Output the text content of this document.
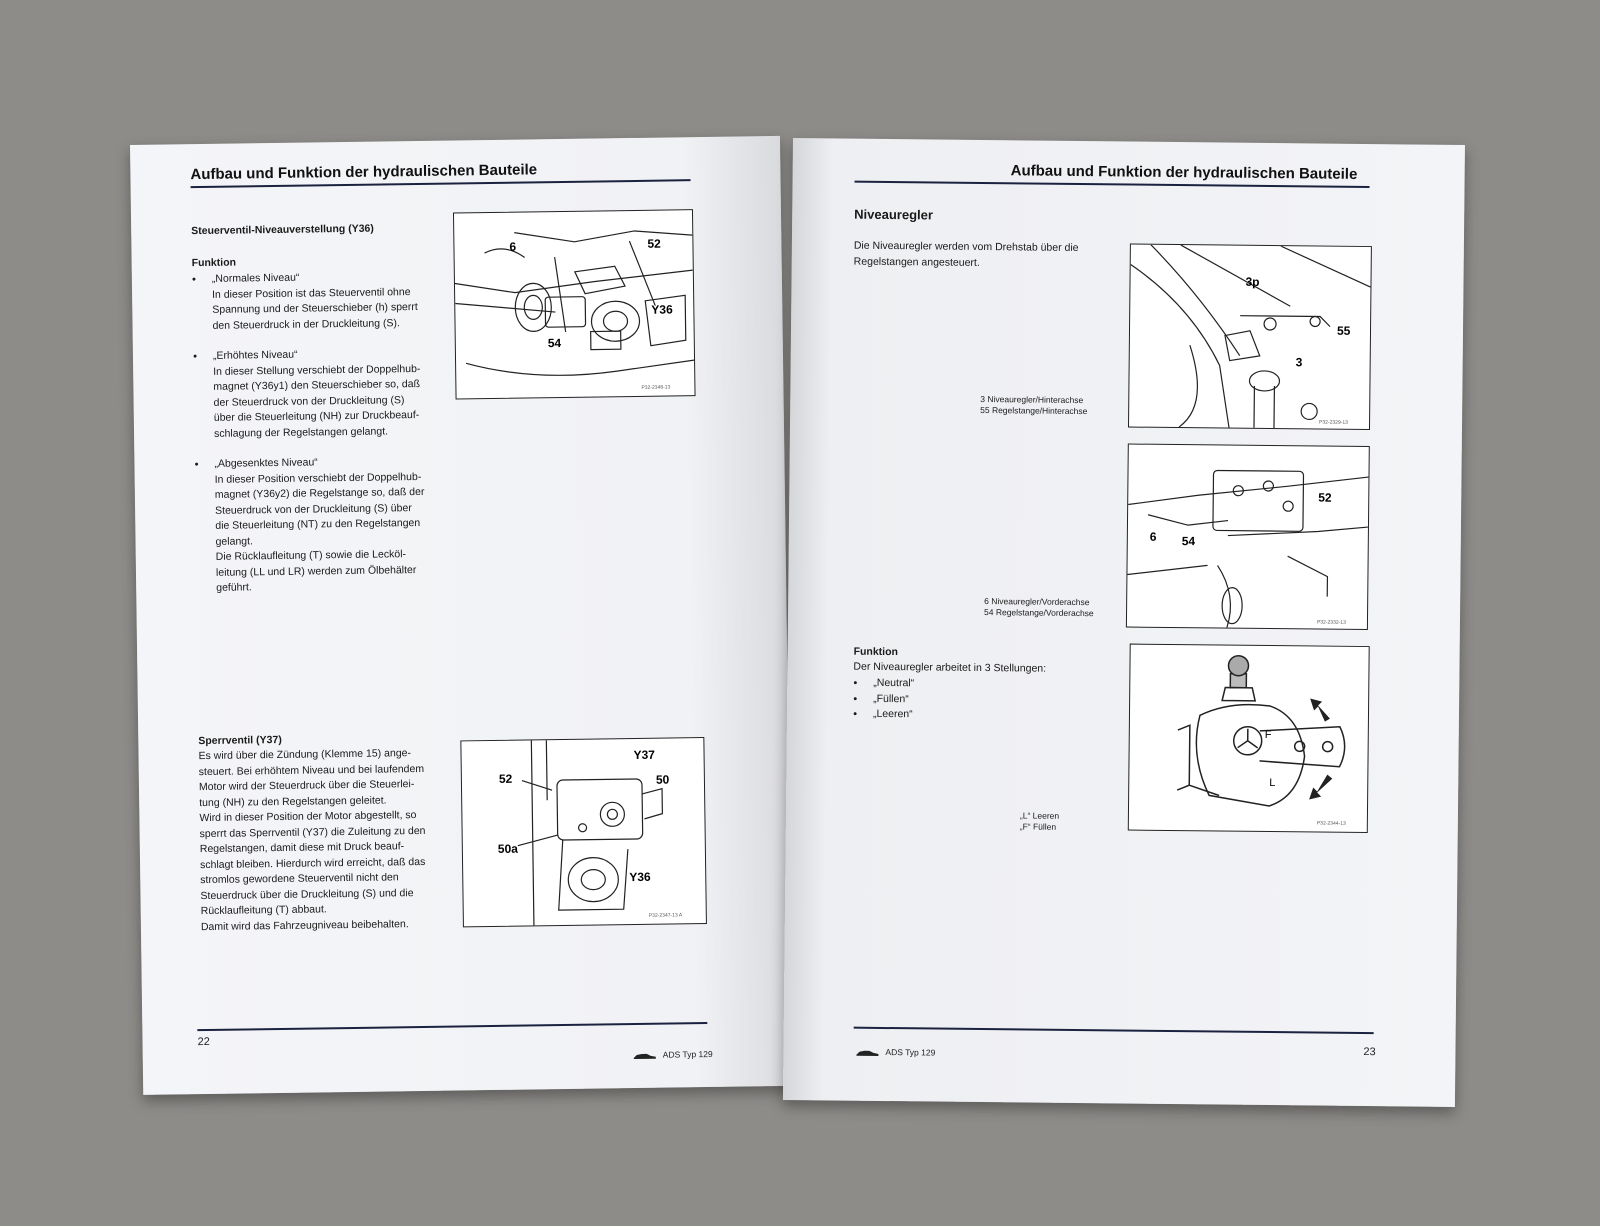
Aufbau und Funktion der hydraulischen Bauteile
Steuerventil-Niveauverstellung (Y36)
Funktion
● „Normales Niveau“
In dieser Position ist das Steuerventil ohne
Spannung und der Steuerschieber (h) sperrt
den Steuerdruck in der Druckleitung (S).
● „Erhöhtes Niveau“
In dieser Stellung verschiebt der Doppelhub-
magnet (Y36y1) den Steuerschieber so, daß
der Steuerdruck von der Druckleitung (S)
über die Steuerleitung (NH) zur Druckbeauf-
schlagung der Regelstangen gelangt.
● „Abgesenktes Niveau“
In dieser Position verschiebt der Doppelhub-
magnet (Y36y2) die Regelstange so, daß der
Steuerdruck von der Druckleitung (S) über
die Steuerleitung (NT) zu den Regelstangen
gelangt.
Die Rücklaufleitung (T) sowie die Lecköl-
leitung (LL und LR) werden zum Ölbehälter
geführt.
6	52
Y36
54
P32-2348-13
Sperrventil (Y37)
Es wird über die Zündung (Klemme 15) ange-
steuert. Bei erhöhtem Niveau und bei laufendem
Motor wird der Steuerdruck über die Steuerlei-
tung (NH) zu den Regelstangen geleitet.
Wird in dieser Position der Motor abgestellt, so
sperrt das Sperrventil (Y37) die Zuleitung zu den
Regelstangen, damit diese mit Druck beauf-
schlagt bleiben. Hierdurch wird erreicht, daß das
stromlos gewordene Steuerventil nicht den
Steuerdruck über die Druckleitung (S) und die
Rücklaufleitung (T) abbaut.
Damit wird das Fahrzeugniveau beibehalten.
Y37
52	50
50a
Y36
P32-2347-13 A
22
ADS Typ 129
Aufbau und Funktion der hydraulischen Bauteile
Niveauregler
Die Niveauregler werden vom Drehstab über die
Regelstangen angesteuert.
3p
55
3
P32-2329-13
3 Niveauregler/Hinterachse
55 Regelstange/Hinterachse
52
6 54
P32-2332-13
6 Niveauregler/Vorderachse
54 Regelstange/Vorderachse
Funktion
Der Niveauregler arbeitet in 3 Stellungen:
● „Neutral“
● „Füllen“
● „Leeren“
L
F
P32-2344-13
„L“ Leeren
„F“ Füllen
23
ADS Typ 129
